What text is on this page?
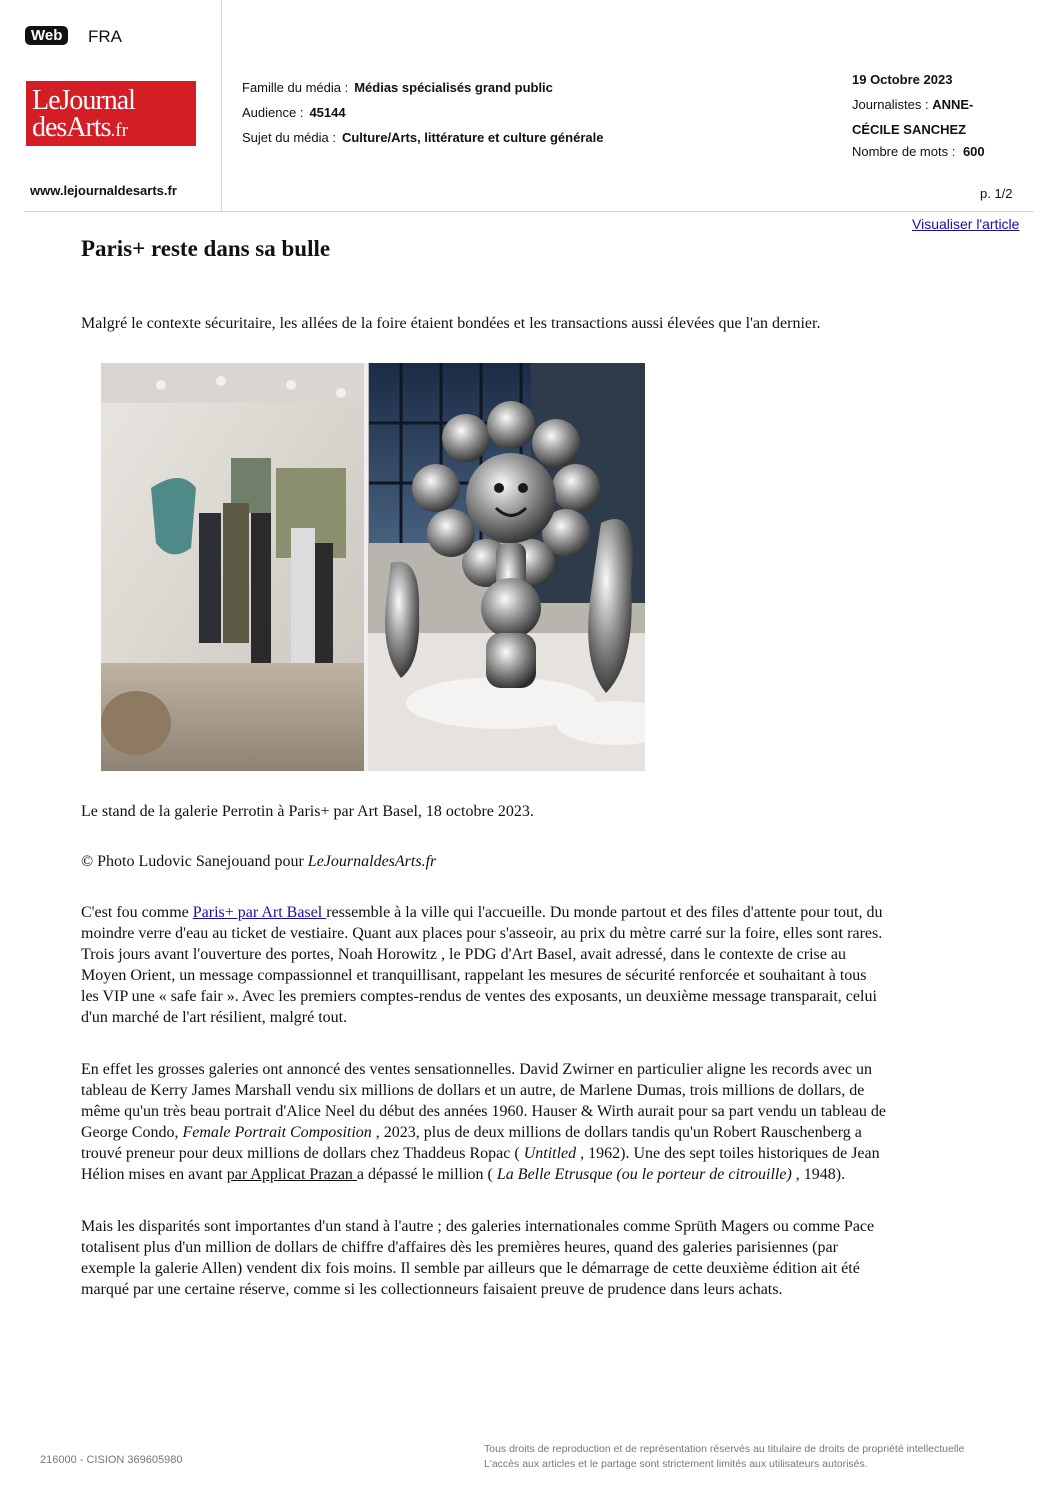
Web	FRA
LeJournal
desArts.fr
www.lejournaldesarts.fr
Famille du média : Médias spécialisés grand public
Audience : 45144
Sujet du média : Culture/Arts, littérature et culture générale
19 Octobre 2023
Journalistes : ANNE-
CÉCILE SANCHEZ
Nombre de mots : 600
p. 1/2
Visualiser l'article
Paris+ reste dans sa bulle

Malgré le contexte sécuritaire, les allées de la foire étaient bondées et les transactions aussi élevées que l'an dernier.

Le stand de la galerie Perrotin à Paris+ par Art Basel, 18 octobre 2023.

© Photo Ludovic Sanejouand pour LeJournaldesArts.fr

C'est fou comme Paris+ par Art Basel ressemble à la ville qui l'accueille. Du monde partout et des files d'attente pour tout, du
moindre verre d'eau au ticket de vestiaire. Quant aux places pour s'asseoir, au prix du mètre carré sur la foire, elles sont rares.
Trois jours avant l'ouverture des portes, Noah Horowitz , le PDG d'Art Basel, avait adressé, dans le contexte de crise au
Moyen Orient, un message compassionnel et tranquillisant, rappelant les mesures de sécurité renforcée et souhaitant à tous
les VIP une « safe fair ». Avec les premiers comptes-rendus de ventes des exposants, un deuxième message transparait, celui
d'un marché de l'art résilient, malgré tout.
En effet les grosses galeries ont annoncé des ventes sensationnelles. David Zwirner en particulier aligne les records avec un
tableau de Kerry James Marshall vendu six millions de dollars et un autre, de Marlene Dumas, trois millions de dollars, de
même qu'un très beau portrait d'Alice Neel du début des années 1960. Hauser & Wirth aurait pour sa part vendu un tableau de
George Condo, Female Portrait Composition , 2023, plus de deux millions de dollars tandis qu'un Robert Rauschenberg a
trouvé preneur pour deux millions de dollars chez Thaddeus Ropac ( Untitled , 1962). Une des sept toiles historiques de Jean
Hélion mises en avant par Applicat Prazan a dépassé le million ( La Belle Etrusque (ou le porteur de citrouille) , 1948).
Mais les disparités sont importantes d'un stand à l'autre ; des galeries internationales comme Sprüth Magers ou comme Pace
totalisent plus d'un million de dollars de chiffre d'affaires dès les premières heures, quand des galeries parisiennes (par
exemple la galerie Allen) vendent dix fois moins. Il semble par ailleurs que le démarrage de cette deuxième édition ait été
marqué par une certaine réserve, comme si les collectionneurs faisaient preuve de prudence dans leurs achats.
216000 - CISION 369605980
Tous droits de reproduction et de représentation réservés au titulaire de droits de propriété intellectuelle
L'accès aux articles et le partage sont strictement limités aux utilisateurs autorisés.
